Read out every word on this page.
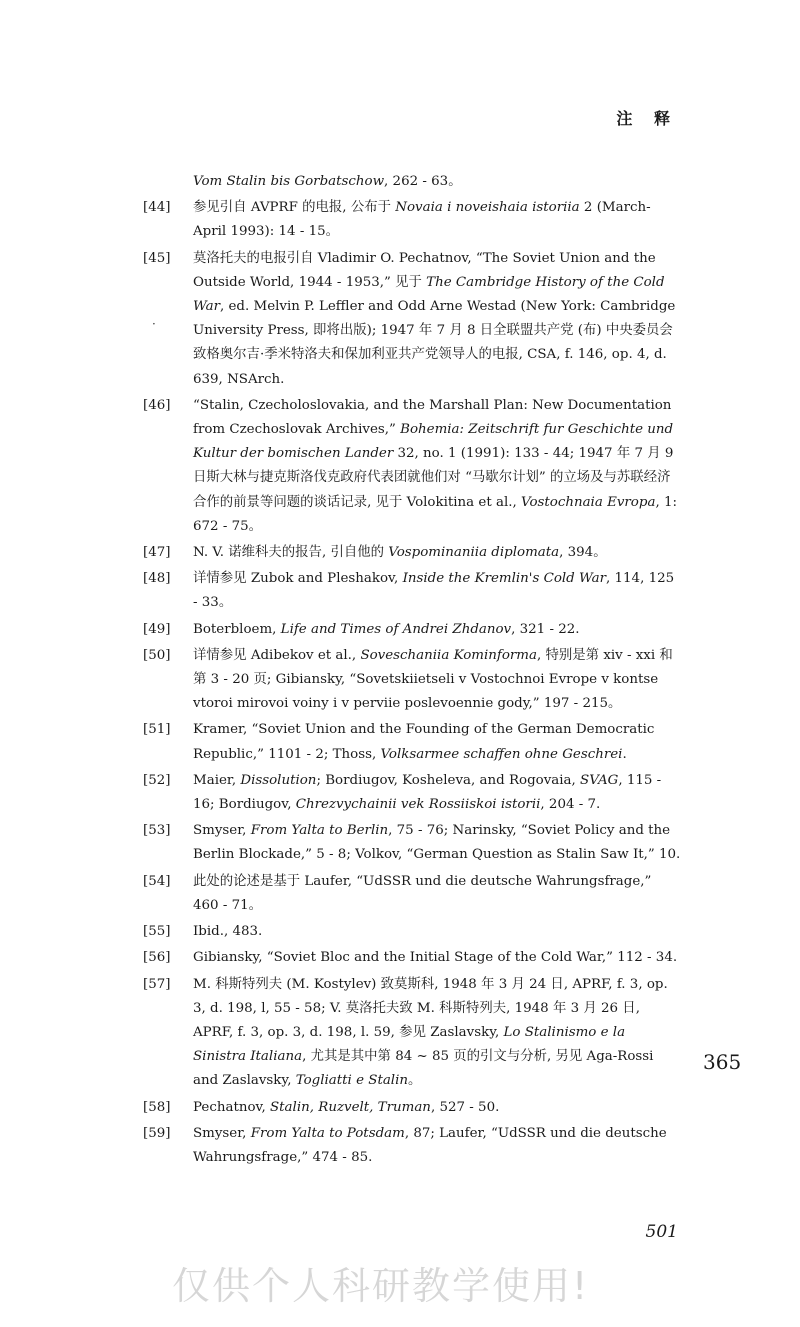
注 释
Vom Stalin bis Gorbatschow, 262 - 63。
[44] 参见引自 AVPRF 的电报, 公布于 Novaia i noveishaia istoriia 2 (March-April 1993): 14 - 15。
[45] 莫洛托夫的电报引自 Vladimir O. Pechatnov, “The Soviet Union and the Outside World, 1944 - 1953,” 见于 The Cambridge History of the Cold War, ed. Melvin P. Leffler and Odd Arne Westad (New York: Cambridge University Press, 即将出版); 1947 年 7 月 8 日全联盟共产党 (布) 中央委员会致格奥尔吉·季米特洛夫和保加利亚共产党领导人的电报, CSA, f. 146, op. 4, d. 639, NSArch.
[46] “Stalin, Czecholoslovakia, and the Marshall Plan: New Documentation from Czechoslovak Archives,” Bohemia: Zeitschrift fur Geschichte und Kultur der bomischen Lander 32, no. 1 (1991): 133 - 44; 1947 年 7 月 9 日斯大林与捷克斯洛伐克政府代表团就他们对 “马歇尔计划” 的立场及与苏联经济合作的前景等问题的谈话记录, 见于 Volokitina et al., Vostochnaia Evropa, 1: 672 - 75。
[47] N. V. 诺维科夫的报告, 引自他的 Vospominaniia diplomata, 394。
[48] 详情参见 Zubok and Pleshakov, Inside the Kremlin's Cold War, 114, 125 - 33。
[49] Boterbloem, Life and Times of Andrei Zhdanov, 321 - 22.
[50] 详情参见 Adibekov et al., Soveschaniia Kominforma, 特别是第 xiv - xxi 和第 3 - 20 页; Gibiansky, “Sovetskiietseli v Vostochnoi Evrope v kontse vtoroi mirovoi voiny i v perviie poslevoennie gody,” 197 - 215。
[51] Kramer, “Soviet Union and the Founding of the German Democratic Republic,” 1101 - 2; Thoss, Volksarmee schaffen ohne Geschrei.
[52] Maier, Dissolution; Bordiugov, Kosheleva, and Rogovaia, SVAG, 115 - 16; Bordiugov, Chrezvychainii vek Rossiiskoi istorii, 204 - 7.
[53] Smyser, From Yalta to Berlin, 75 - 76; Narinsky, “Soviet Policy and the Berlin Blockade,” 5 - 8; Volkov, “German Question as Stalin Saw It,” 10.
[54] 此处的论述是基于 Laufer, “UdSSR und die deutsche Wahrungsfrage,” 460 - 71。
[55] Ibid., 483.
[56] Gibiansky, “Soviet Bloc and the Initial Stage of the Cold War,” 112 - 34.
[57] M. 科斯特列夫 (M. Kostylev) 致莫斯科, 1948 年 3 月 24 日, APRF, f. 3, op. 3, d. 198, l, 55 - 58; V. 莫洛托夫致 M. 科斯特列夫, 1948 年 3 月 26 日, APRF, f. 3, op. 3, d. 198, l. 59, 参见 Zaslavsky, Lo Stalinismo e la Sinistra Italiana, 尤其是其中第 84 ~ 85 页的引文与分析, 另见 Aga-Rossi and Zaslavsky, Togliatti e Stalin。
[58] Pechatnov, Stalin, Ruzvelt, Truman, 527 - 50.
[59] Smyser, From Yalta to Potsdam, 87; Laufer, “UdSSR und die deutsche Wahrungsfrage,” 474 - 85.
·
365
501
仅供个人科研教学使用!
